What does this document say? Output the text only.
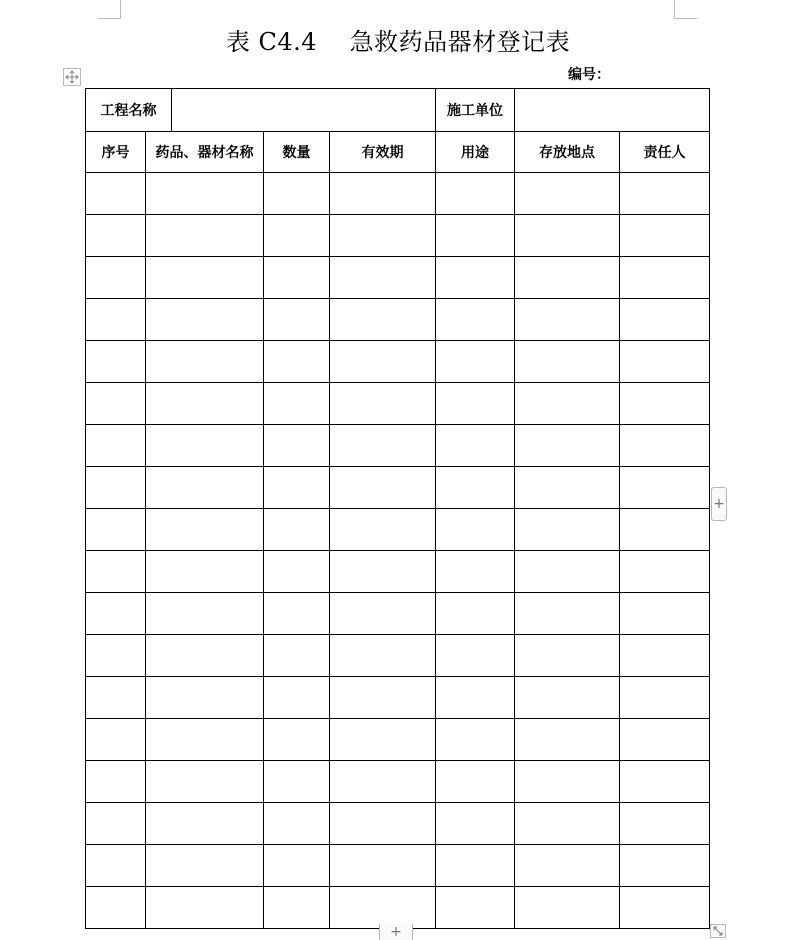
表 C4.4    急救药品器材登记表
编号：
工程名称					施工单位		
序号	药品、器材名称		数量	有效期	用途	存放地点	责任人

+
+
